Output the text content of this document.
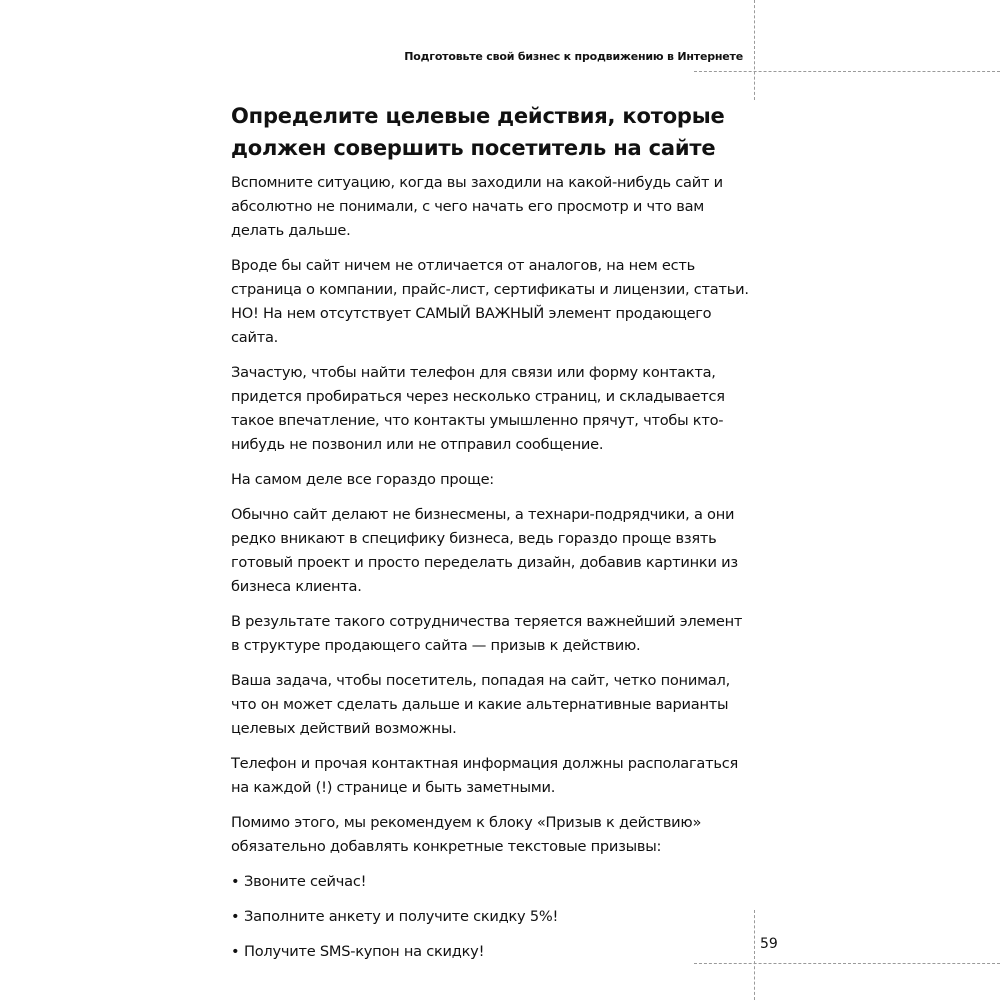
Подготовьте свой бизнес к продвижению в Интернете
Определите целевые действия, которые должен совершить посетитель на сайте

Вспомните ситуацию, когда вы заходили на какой-нибудь сайт и абсолютно не понимали, с чего начать его просмотр и что вам делать дальше.

Вроде бы сайт ничем не отличается от аналогов, на нем есть страница о компании, прайс-лист, сертификаты и лицензии, статьи. НО! На нем отсутствует САМЫЙ ВАЖНЫЙ элемент продающего сайта.

Зачастую, чтобы найти телефон для связи или форму контакта, придется пробираться через несколько страниц, и складывается такое впечатление, что контакты умышленно прячут, чтобы кто-нибудь не позвонил или не отправил сообщение.

На самом деле все гораздо проще:

Обычно сайт делают не бизнесмены, а технари-подрядчики, а они редко вникают в специфику бизнеса, ведь гораздо проще взять готовый проект и просто переделать дизайн, добавив картинки из бизнеса клиента.

В результате такого сотрудничества теряется важнейший элемент в структуре продающего сайта — призыв к действию.

Ваша задача, чтобы посетитель, попадая на сайт, четко понимал, что он может сделать дальше и какие альтернативные варианты целевых действий возможны.

Телефон и прочая контактная информация должны располагаться на каждой (!) странице и быть заметными.

Помимо этого, мы рекомендуем к блоку «Призыв к действию» обязательно добавлять конкретные текстовые призывы:

• Звоните сейчас!
• Заполните анкету и получите скидку 5%!
• Получите SMS-купон на скидку!	59
